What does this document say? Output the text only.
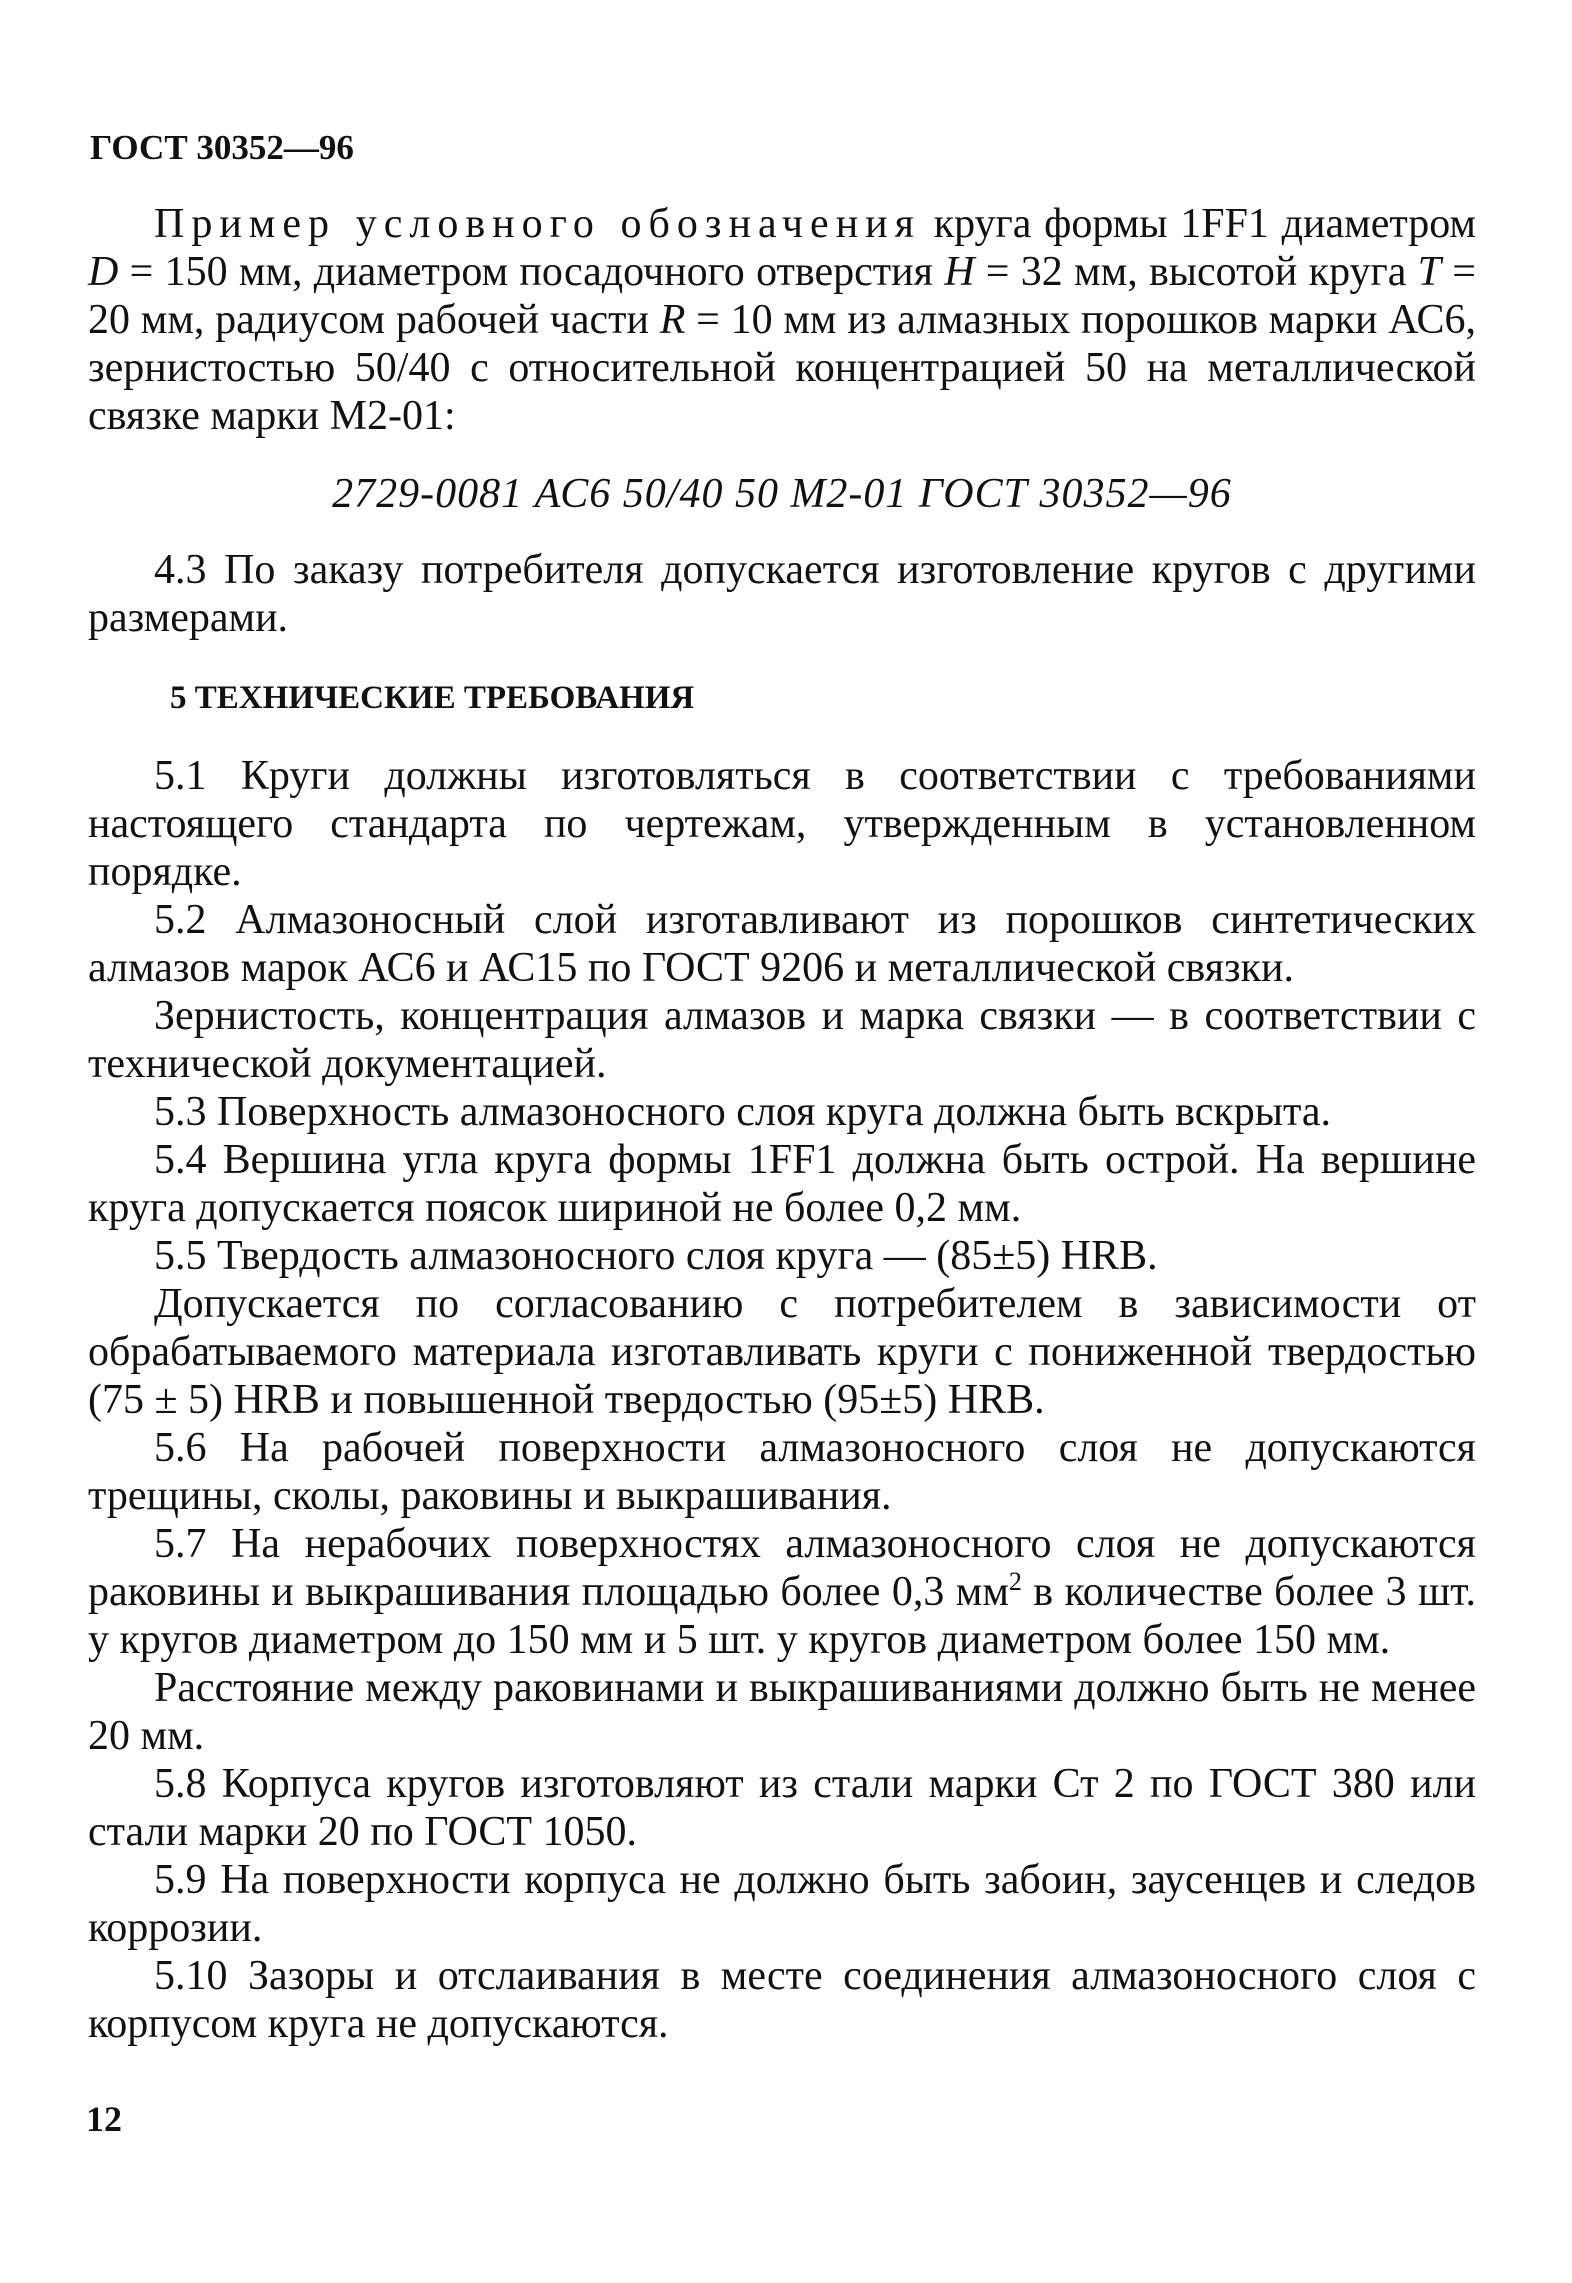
ГОСТ 30352—96

Пример условного обозначения круга формы 1FF1 диаметром D = 150 мм, диаметром посадочного отверстия H = 32 мм, высотой круга T = 20 мм, радиусом рабочей части R = 10 мм из алмазных порошков марки АС6, зернистостью 50/40 с относительной концентрацией 50 на металлической связке марки М2-01:

2729-0081 АС6 50/40 50 М2-01 ГОСТ 30352—96

4.3 По заказу потребителя допускается изготовление кругов с другими размерами.

5 ТЕХНИЧЕСКИЕ ТРЕБОВАНИЯ

5.1 Круги должны изготовляться в соответствии с требованиями настоящего стандарта по чертежам, утвержденным в установленном порядке.

5.2 Алмазоносный слой изготавливают из порошков синтетических алмазов марок АС6 и АС15 по ГОСТ 9206 и металлической связки.

Зернистость, концентрация алмазов и марка связки — в соответствии с технической документацией.

5.3 Поверхность алмазоносного слоя круга должна быть вскрыта.

5.4 Вершина угла круга формы 1FF1 должна быть острой. На вершине круга допускается поясок шириной не более 0,2 мм.

5.5 Твердость алмазоносного слоя круга — (85±5) HRB.

Допускается по согласованию с потребителем в зависимости от обрабатываемого материала изготавливать круги с пониженной твердостью (75 ± 5) HRB и повышенной твердостью (95±5) HRB.

5.6 На рабочей поверхности алмазоносного слоя не допускаются трещины, сколы, раковины и выкрашивания.

5.7 На нерабочих поверхностях алмазоносного слоя не допускаются раковины и выкрашивания площадью более 0,3 $мм^2$ в количестве более 3 шт. у кругов диаметром до 150 мм и 5 шт. у кругов диаметром более 150 мм.

Расстояние между раковинами и выкрашиваниями должно быть не менее 20 мм.

5.8 Корпуса кругов изготовляют из стали марки Ст 2 по ГОСТ 380 или стали марки 20 по ГОСТ 1050.

5.9 На поверхности корпуса не должно быть забоин, заусенцев и следов коррозии.

5.10 Зазоры и отслаивания в месте соединения алмазоносного слоя с корпусом круга не допускаются.

12
